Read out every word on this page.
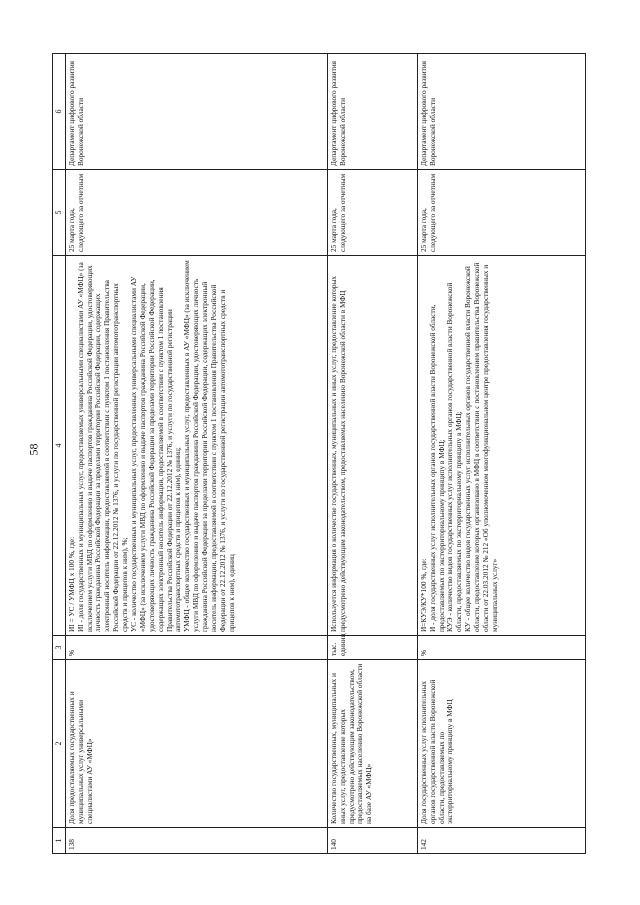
58
1	2	3	4	5	6
138	Доля предоставляемых государственных и муниципальных услуг универсальными специалистами АУ «МФЦ»	%	ИI = УС / УМФЦ x 100 %, где: ИI - доля государственных и муниципальных услуг, предоставляемых универсальными специалистами АУ «МФЦ» (за исключением услуги МВД по оформлению и выдаче паспортов гражданина Российской Федерации, удостоверяющих личность гражданина Российской Федерации за пределами территории Российской Федерации, содержащих электронный носитель информации, предоставляемой в соответствии с пунктом 1 постановления Правительства Российской Федерации от 22.12.2012 № 1376, и услуги по государственной регистрации автомототранспортных средств и прицепов к ним), %; УС - количество государственных и муниципальных услуг, предоставленных универсальными специалистами АУ «МФЦ» (за исключением услуги МВД по оформлению и выдаче паспортов гражданина Российской Федерации, удостоверяющих личность гражданина Российской Федерации за пределами территории Российской Федерации, содержащих электронный носитель информации, предоставляемой в соответствии с пунктом 1 постановления Правительства Российской Федерации от 22.12.2012 № 1376, и услуги по государственной регистрации автомототранспортных средств и прицепов к ним), единиц; УМФЦ - общее количество государственных и муниципальных услуг, предоставленных в АУ «МФЦ» (за исключением услуги МВД по оформлению и выдаче паспортов гражданина Российской Федерации, удостоверяющих личность гражданина Российской Федерации за пределами территории Российской Федерации, содержащих электронный носитель информации, предоставляемой в соответствии с пунктом 1 постановления Правительства Российской Федерации от 22.12.2012 № 1376, и услуги по государственной регистрации автомототранспортных средств и прицепов к ним), единиц	25 марта года, следующего за отчетным	Департамент цифрового развития Воронежской области
140	Количество государственных, муниципальных и иных услуг, предоставление которых предусмотрено действующим законодательством, предоставляемых населению Воронежской области на базе АУ «МФЦ»	тыс. единиц	Используется информация о количестве государственных, муниципальных и иных услуг, предоставление которых предусмотрено действующим законодательством, предоставляемых населению Воронежской области в МФЦ	25 марта года, следующего за отчетным	Департамент цифрового развития Воронежской области
142	Доля государственных услуг исполнительных органов государственной власти Воронежской области, предоставляемых по экстерриториальному принципу в МФЦ	%	И=КУЭ/КУ*100 %, где: И - доля государственных услуг исполнительных органов государственной власти Воронежской области, предоставляемых по экстерриториальному принципу в МФЦ; КУЭ - количество видов государственных услуг исполнительных органов государственной власти Воронежской области, предоставляемых по экстерриториальному принципу в МФЦ; КУ - общее количество видов государственных услуг исполнительных органов государственной власти Воронежской области, предоставление которых организовано в МФЦ в соответствии с постановлением правительства Воронежской области от 22.03.2012 № 212 «Об уполномоченном многофункциональном центре предоставления государственных и муниципальных услуг»	25 марта года, следующего за отчетным	Департамент цифрового развития Воронежской области
